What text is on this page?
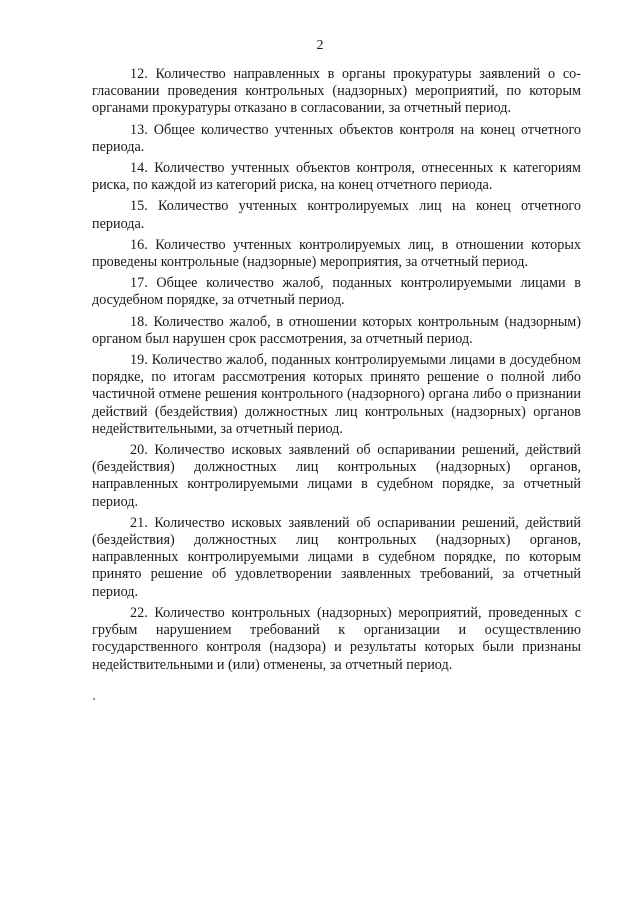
2

12. Количество направленных в органы прокуратуры заявлений о согласовании проведения контрольных (надзорных) мероприятий, по которым органами прокуратуры отказано в согласовании, за отчетный период.

13. Общее количество учтенных объектов контроля на конец отчетного периода.

14. Количество учтенных объектов контроля, отнесенных к категориям риска, по каждой из категорий риска, на конец отчетного периода.

15. Количество учтенных контролируемых лиц на конец отчетного периода.

16. Количество учтенных контролируемых лиц, в отношении которых проведены контрольные (надзорные) мероприятия, за отчетный период.

17. Общее количество жалоб, поданных контролируемыми лицами в досудебном порядке, за отчетный период.

18. Количество жалоб, в отношении которых контрольным (надзорным) органом был нарушен срок рассмотрения, за отчетный период.

19. Количество жалоб, поданных контролируемыми лицами в досудебном порядке, по итогам рассмотрения которых принято решение о полной либо частичной отмене решения контрольного (надзорного) органа либо о признании действий (бездействия) должностных лиц контрольных (надзорных) органов недействительными, за отчетный период.

20. Количество исковых заявлений об оспаривании решений, действий (бездействия) должностных лиц контрольных (надзорных) органов, направленных контролируемыми лицами в судебном порядке, за отчетный период.

21. Количество исковых заявлений об оспаривании решений, действий (бездействия) должностных лиц контрольных (надзорных) органов, направленных контролируемыми лицами в судебном порядке, по которым принято решение об удовлетворении заявленных требований, за отчетный период.

22. Количество контрольных (надзорных) мероприятий, проведенных с грубым нарушением требований к организации и осуществлению государственного контроля (надзора) и результаты которых были признаны недействительными и (или) отменены, за отчетный период.
